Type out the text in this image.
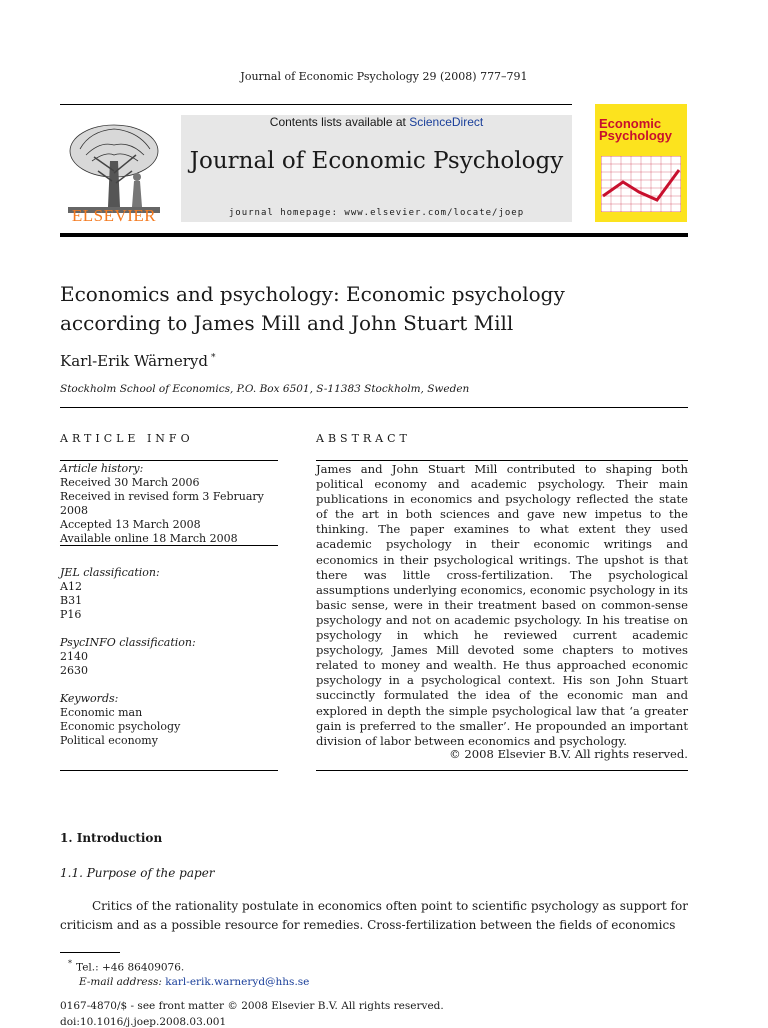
Journal of Economic Psychology 29 (2008) 777–791
ELSEVIER
Contents lists available at ScienceDirect
Journal of Economic Psychology
journal homepage: www.elsevier.com/locate/joep
Economic
Psychology
Economics and psychology: Economic psychology according to James Mill and John Stuart Mill
Karl-Erik Wärneryd *
Stockholm School of Economics, P.O. Box 6501, S-11383 Stockholm, Sweden
ARTICLE INFO
Article history:
Received 30 March 2006
Received in revised form 3 February 2008
Accepted 13 March 2008
Available online 18 March 2008
JEL classification:
A12
B31
P16
PsycINFO classification:
2140
2630
Keywords:
Economic man
Economic psychology
Political economy
ABSTRACT
James and John Stuart Mill contributed to shaping both political economy and academic psychology. Their main publications in economics and psychology reflected the state of the art in both sciences and gave new impetus to the thinking. The paper examines to what extent they used academic psychology in their economic writings and economics in their psychological writings. The upshot is that there was little cross-fertilization. The psychological assumptions underlying economics, economic psychology in its basic sense, were in their treatment based on common-sense psychology and not on academic psychology. In his treatise on psychology in which he reviewed current academic psychology, James Mill devoted some chapters to motives related to money and wealth. He thus approached economic psychology in a psychological context. His son John Stuart succinctly formulated the idea of the economic man and explored in depth the simple psychological law that ‘a greater gain is preferred to the smaller’. He propounded an important division of labor between economics and psychology.
© 2008 Elsevier B.V. All rights reserved.
1. Introduction
1.1. Purpose of the paper
Critics of the rationality postulate in economics often point to scientific psychology as support for criticism and as a possible resource for remedies. Cross-fertilization between the fields of economics
* Tel.: +46 86409076.
E-mail address: karl-erik.warneryd@hhs.se
0167-4870/$ - see front matter © 2008 Elsevier B.V. All rights reserved.
doi:10.1016/j.joep.2008.03.001
